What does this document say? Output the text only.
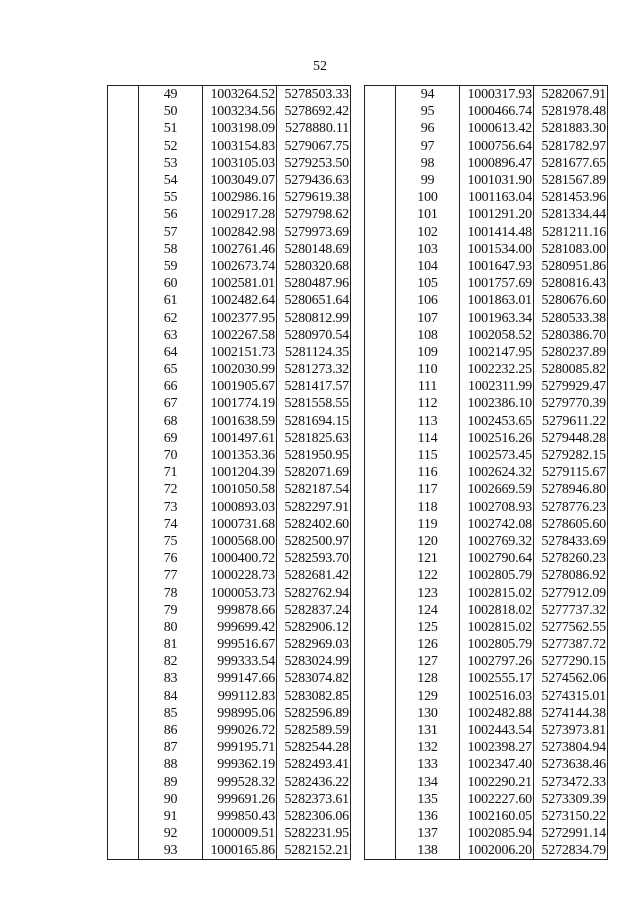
52
	49	1003264.52	5278503.33
	50	1003234.56	5278692.42
	51	1003198.09	5278880.11
	52	1003154.83	5279067.75
	53	1003105.03	5279253.50
	54	1003049.07	5279436.63
	55	1002986.16	5279619.38
	56	1002917.28	5279798.62
	57	1002842.98	5279973.69
	58	1002761.46	5280148.69
	59	1002673.74	5280320.68
	60	1002581.01	5280487.96
	61	1002482.64	5280651.64
	62	1002377.95	5280812.99
	63	1002267.58	5280970.54
	64	1002151.73	5281124.35
	65	1002030.99	5281273.32
	66	1001905.67	5281417.57
	67	1001774.19	5281558.55
	68	1001638.59	5281694.15
	69	1001497.61	5281825.63
	70	1001353.36	5281950.95
	71	1001204.39	5282071.69
	72	1001050.58	5282187.54
	73	1000893.03	5282297.91
	74	1000731.68	5282402.60
	75	1000568.00	5282500.97
	76	1000400.72	5282593.70
	77	1000228.73	5282681.42
	78	1000053.73	5282762.94
	79	999878.66	5282837.24
	80	999699.42	5282906.12
	81	999516.67	5282969.03
	82	999333.54	5283024.99
	83	999147.66	5283074.82
	84	999112.83	5283082.85
	85	998995.06	5282596.89
	86	999026.72	5282589.59
	87	999195.71	5282544.28
	88	999362.19	5282493.41
	89	999528.32	5282436.22
	90	999691.26	5282373.61
	91	999850.43	5282306.06
	92	1000009.51	5282231.95
	93	1000165.86	5282152.21
	94	1000317.93	5282067.91
	95	1000466.74	5281978.48
	96	1000613.42	5281883.30
	97	1000756.64	5281782.97
	98	1000896.47	5281677.65
	99	1001031.90	5281567.89
	100	1001163.04	5281453.96
	101	1001291.20	5281334.44
	102	1001414.48	5281211.16
	103	1001534.00	5281083.00
	104	1001647.93	5280951.86
	105	1001757.69	5280816.43
	106	1001863.01	5280676.60
	107	1001963.34	5280533.38
	108	1002058.52	5280386.70
	109	1002147.95	5280237.89
	110	1002232.25	5280085.82
	111	1002311.99	5279929.47
	112	1002386.10	5279770.39
	113	1002453.65	5279611.22
	114	1002516.26	5279448.28
	115	1002573.45	5279282.15
	116	1002624.32	5279115.67
	117	1002669.59	5278946.80
	118	1002708.93	5278776.23
	119	1002742.08	5278605.60
	120	1002769.32	5278433.69
	121	1002790.64	5278260.23
	122	1002805.79	5278086.92
	123	1002815.02	5277912.09
	124	1002818.02	5277737.32
	125	1002815.02	5277562.55
	126	1002805.79	5277387.72
	127	1002797.26	5277290.15
	128	1002555.17	5274562.06
	129	1002516.03	5274315.01
	130	1002482.88	5274144.38
	131	1002443.54	5273973.81
	132	1002398.27	5273804.94
	133	1002347.40	5273638.46
	134	1002290.21	5273472.33
	135	1002227.60	5273309.39
	136	1002160.05	5273150.22
	137	1002085.94	5272991.14
	138	1002006.20	5272834.79
